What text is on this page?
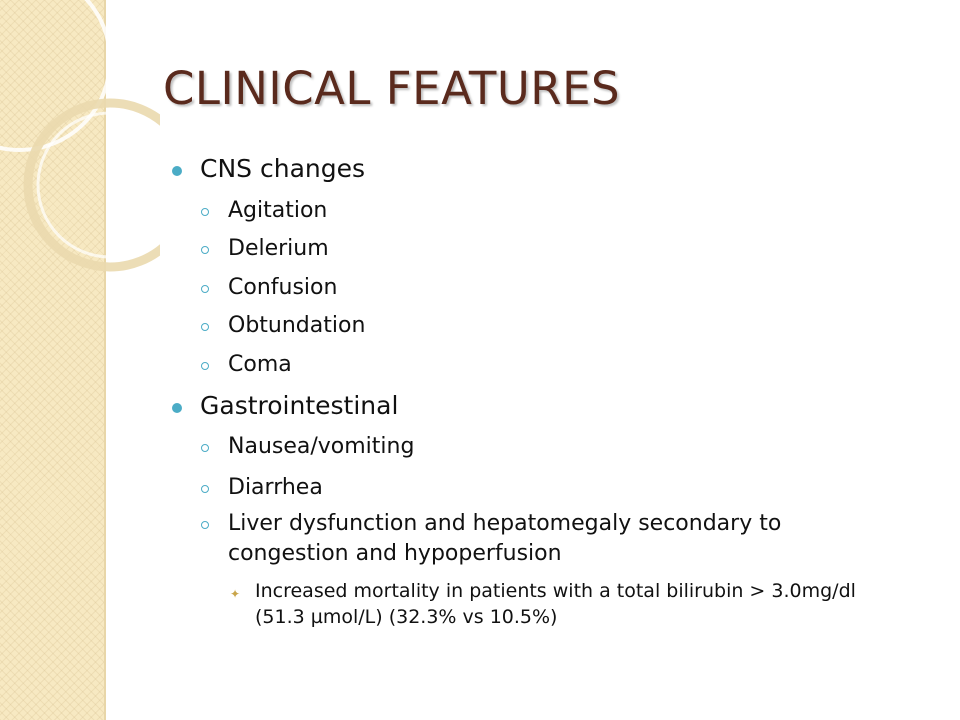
CLINICAL FEATURES
CNS changes
Agitation
Delerium
Confusion
Obtundation
Coma
Gastrointestinal
Nausea/vomiting
Diarrhea
Liver dysfunction and hepatomegaly secondary to
congestion and hypoperfusion
✦ Increased mortality in patients with a total bilirubin > 3.0mg/dl
(51.3 µmol/L) (32.3% vs 10.5%)
